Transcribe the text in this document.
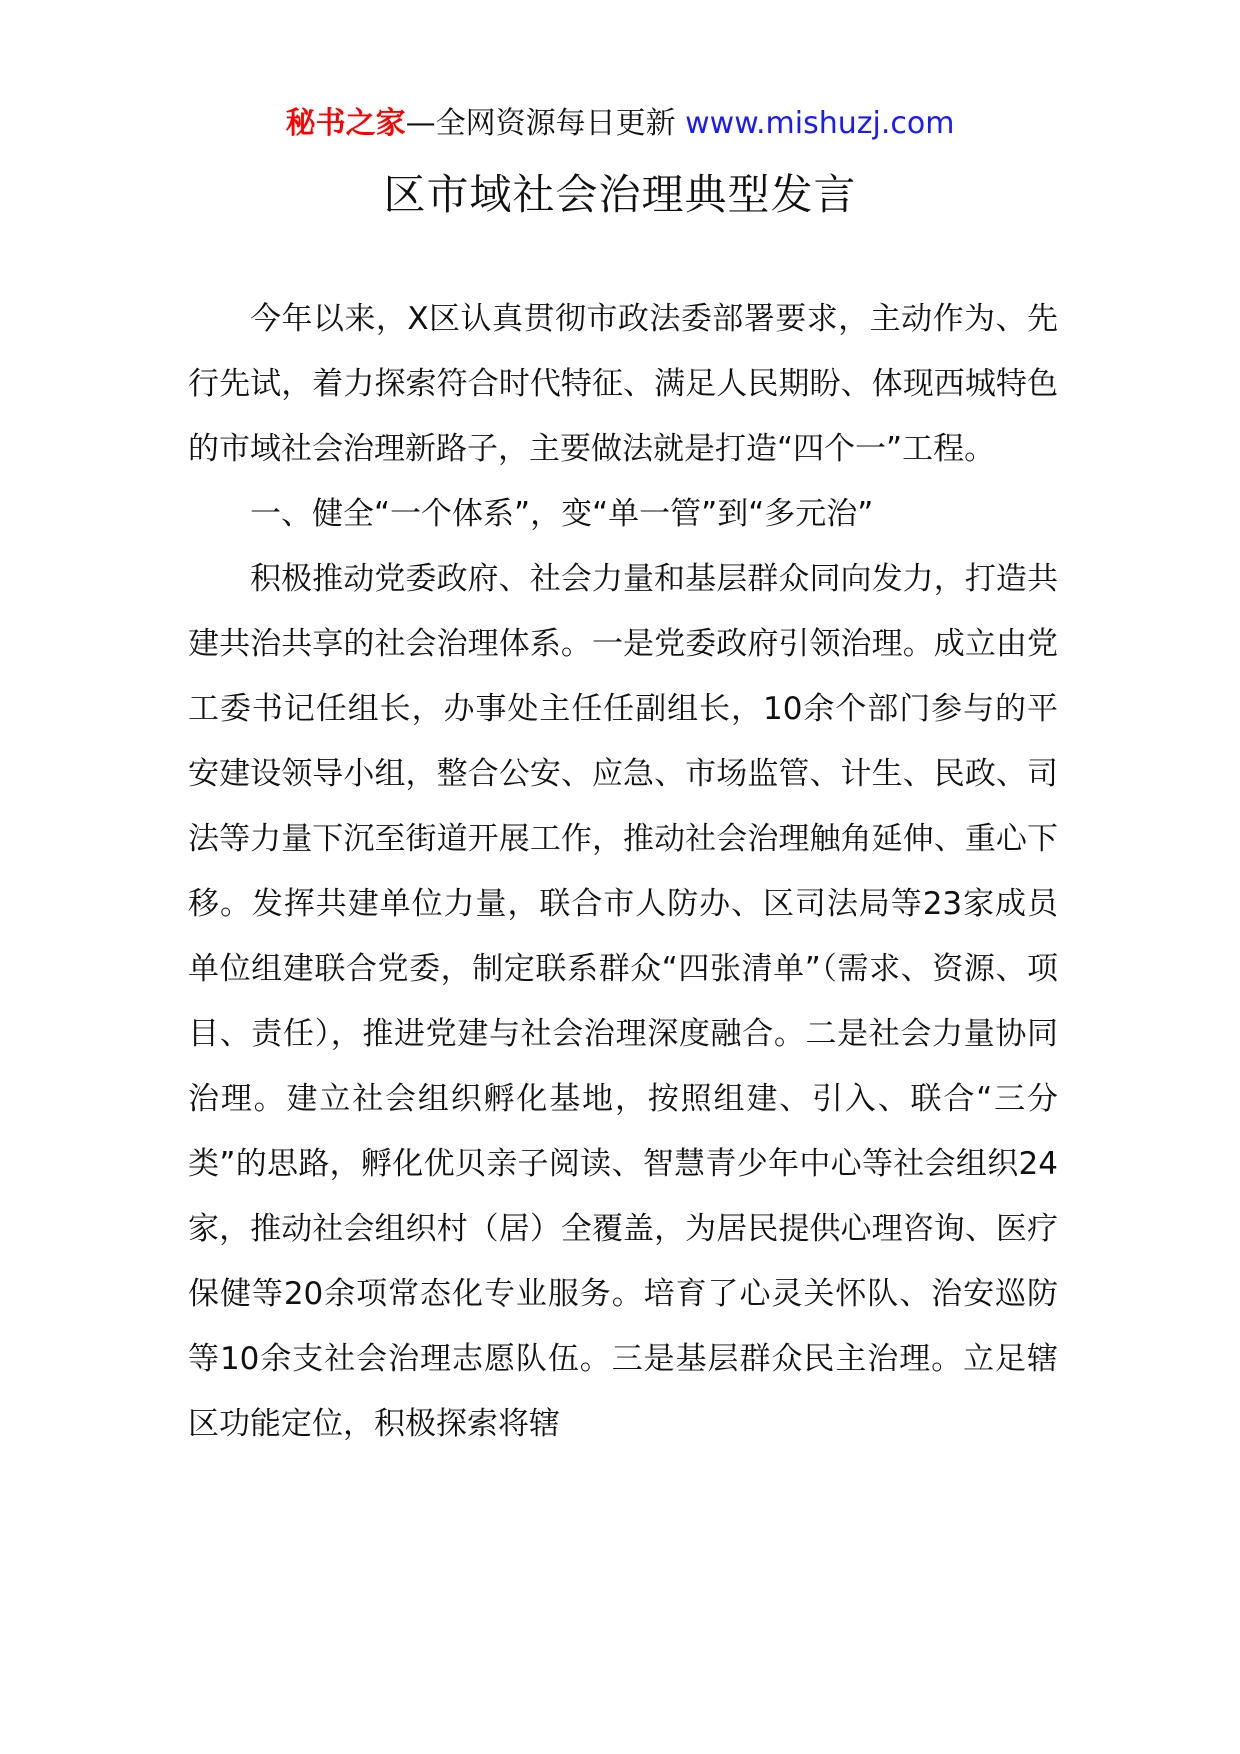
秘书之家—全网资源每日更新 www.mishuzj.com
区市域社会治理典型发言

今年以来，X区认真贯彻市政法委部署要求，主动作为、先行先试，着力探索符合时代特征、满足人民期盼、体现西城特色的市域社会治理新路子，主要做法就是打造“四个一”工程。

一、健全“一个体系”，变“单一管”到“多元治”

积极推动党委政府、社会力量和基层群众同向发力，打造共建共治共享的社会治理体系。一是党委政府引领治理。成立由党工委书记任组长，办事处主任任副组长，10余个部门参与的平安建设领导小组，整合公安、应急、市场监管、计生、民政、司法等力量下沉至街道开展工作，推动社会治理触角延伸、重心下移。发挥共建单位力量，联合市人防办、区司法局等23家成员单位组建联合党委，制定联系群众“四张清单”（需求、资源、项目、责任），推进党建与社会治理深度融合。二是社会力量协同治理。建立社会组织孵化基地，按照组建、引入、联合“三分类”的思路，孵化优贝亲子阅读、智慧青少年中心等社会组织24家，推动社会组织村（居）全覆盖，为居民提供心理咨询、医疗保健等20余项常态化专业服务。培育了心灵关怀队、治安巡防等10余支社会治理志愿队伍。三是基层群众民主治理。立足辖区功能定位，积极探索将辖
